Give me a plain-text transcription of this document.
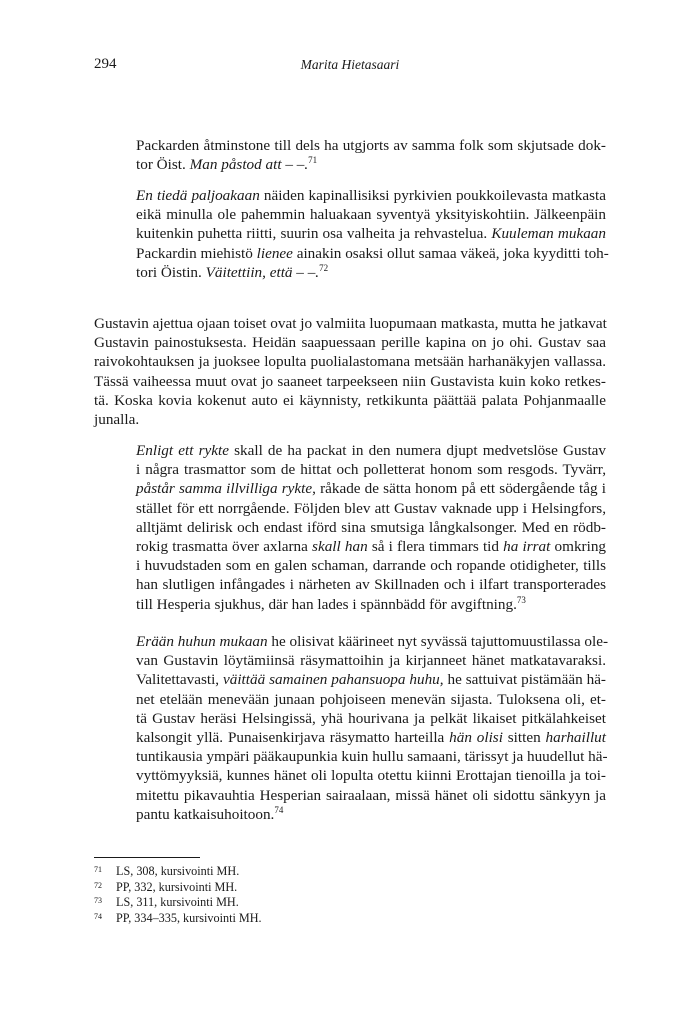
294	Marita Hietasaari
Packarden åtminstone till dels ha utgjorts av samma folk som skjutsade dok-
tor Öist. Man påstod att – –.$^{71}$
En tiedä paljoakaan näiden kapinallisiksi pyrkivien poukkoilevasta matkasta
eikä minulla ole pahemmin haluakaan syventyä yksityiskohtiin. Jälkeenpäin
kuitenkin puhetta riitti, suurin osa valheita ja rehvastelua. Kuuleman mukaan
Packardin miehistö lienee ainakin osaksi ollut samaa väkeä, joka kyyditti toh-
tori Öistin. Väitettiin, että – –.$^{72}$
Gustavin ajettua ojaan toiset ovat jo valmiita luopumaan matkasta, mutta he jatkavat
Gustavin painostuksesta. Heidän saapuessaan perille kapina on jo ohi. Gustav saa
raivokohtauksen ja juoksee lopulta puolialastomana metsään harhanäkyjen vallassa.
Tässä vaiheessa muut ovat jo saaneet tarpeekseen niin Gustavista kuin koko retkes-
tä. Koska kovia kokenut auto ei käynnisty, retkikunta päättää palata Pohjanmaalle
junalla.
Enligt ett rykte skall de ha packat in den numera djupt medvetslöse Gustav
i några trasmattor som de hittat och polletterat honom som resgods. Tyvärr,
påstår samma illvilliga rykte, råkade de sätta honom på ett södergående tåg i
stället för ett norrgående. Följden blev att Gustav vaknade upp i Helsingfors,
alltjämt delirisk och endast iförd sina smutsiga långkalsonger. Med en rödb-
rokig trasmatta över axlarna skall han så i flera timmars tid ha irrat omkring
i huvudstaden som en galen schaman, darrande och ropande otidigheter, tills
han slutligen infångades i närheten av Skillnaden och i ilfart transporterades
till Hesperia sjukhus, där han lades i spännbädd för avgiftning.$^{73}$
Erään huhun mukaan he olisivat käärineet nyt syvässä tajuttomuustilassa ole-
van Gustavin löytämiinsä räsymattoihin ja kirjanneet hänet matkatavaraksi.
Valitettavasti, väittää samainen pahansuopa huhu, he sattuivat pistämään hä-
net etelään menevään junaan pohjoiseen menevän sijasta. Tuloksena oli, et-
tä Gustav heräsi Helsingissä, yhä hourivana ja pelkät likaiset pitkälahkeiset
kalsongit yllä. Punaisenkirjava räsymatto harteilla hän olisi sitten harhaillut
tuntikausia ympäri pääkaupunkia kuin hullu samaani, tärissyt ja huudellut hä-
vyttömyyksiä, kunnes hänet oli lopulta otettu kiinni Erottajan tienoilla ja toi-
mitettu pikavauhtia Hesperian sairaalaan, missä hänet oli sidottu sänkyyn ja
pantu katkaisuhoitoon.$^{74}$
71 LS, 308, kursivointi MH.
72 PP, 332, kursivointi MH.
73 LS, 311, kursivointi MH.
74 PP, 334–335, kursivointi MH.
